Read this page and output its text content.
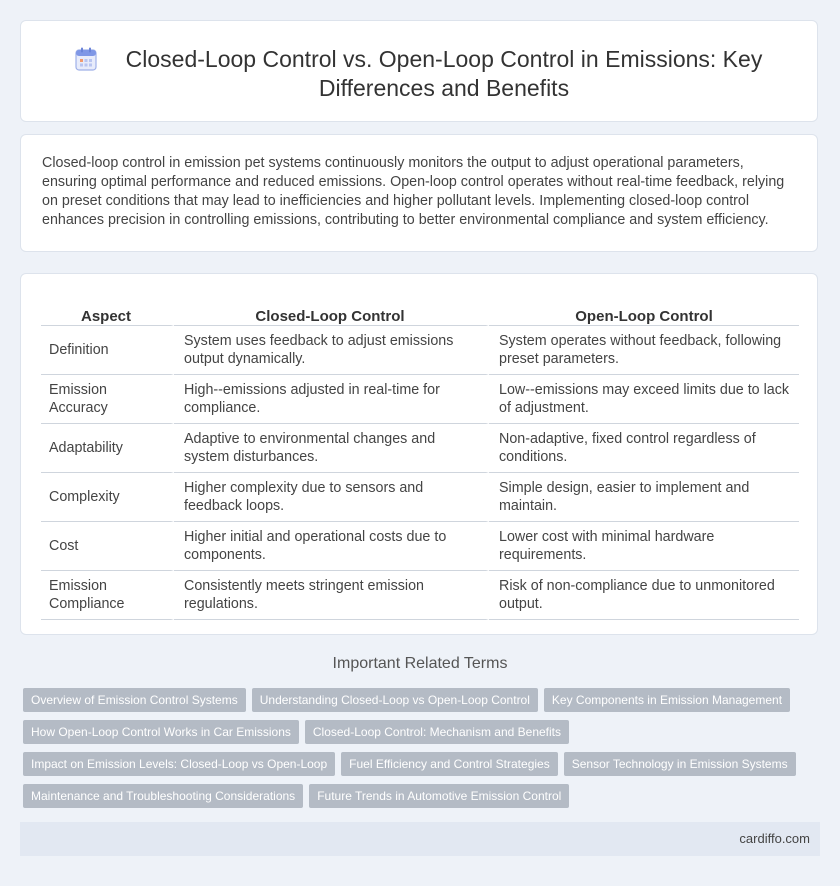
Closed-Loop Control vs. Open-Loop Control in Emissions: Key Differences and Benefits
Closed-loop control in emission pet systems continuously monitors the output to adjust operational parameters, ensuring optimal performance and reduced emissions. Open-loop control operates without real-time feedback, relying on preset conditions that may lead to inefficiencies and higher pollutant levels. Implementing closed-loop control enhances precision in controlling emissions, contributing to better environmental compliance and system efficiency.
Aspect	Closed-Loop Control	Open-Loop Control
Definition	System uses feedback to adjust emissions output dynamically.	System operates without feedback, following preset parameters.
Emission Accuracy	High--emissions adjusted in real-time for compliance.	Low--emissions may exceed limits due to lack of adjustment.
Adaptability	Adaptive to environmental changes and system disturbances.	Non-adaptive, fixed control regardless of conditions.
Complexity	Higher complexity due to sensors and feedback loops.	Simple design, easier to implement and maintain.
Cost	Higher initial and operational costs due to components.	Lower cost with minimal hardware requirements.
Emission Compliance	Consistently meets stringent emission regulations.	Risk of non-compliance due to unmonitored output.
Important Related Terms
Overview of Emission Control Systems Understanding Closed-Loop vs Open-Loop Control Key Components in Emission ManagementHow Open-Loop Control Works in Car Emissions Closed-Loop Control: Mechanism and BenefitsImpact on Emission Levels: Closed-Loop vs Open-Loop Fuel Efficiency and Control Strategies Sensor Technology in Emission SystemsMaintenance and Troubleshooting Considerations Future Trends in Automotive Emission Control
cardiffo.com
